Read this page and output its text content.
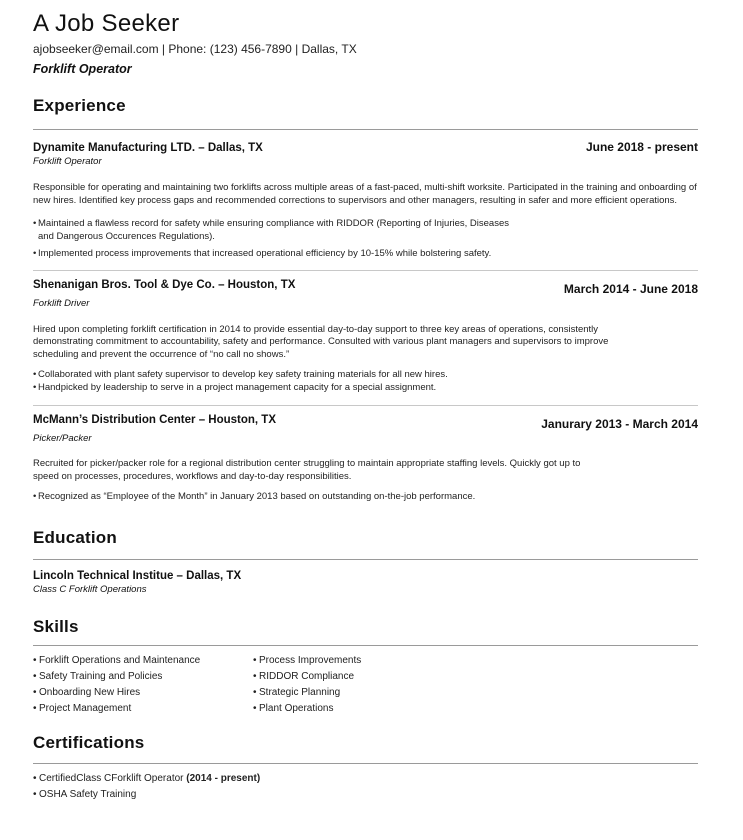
A Job Seeker
ajobseeker@email.com | Phone: (123) 456-7890 | Dallas, TX
Forklift Operator
Experience
Dynamite Manufacturing LTD. – Dallas, TX	June 2018 - present
Forklift Operator

Responsible for operating and maintaining two forklifts across multiple areas of a fast-paced, multi-shift worksite. Participated in the training and onboarding of new hires. Identified key process gaps and recommended corrections to supervisors and other managers, resulting in safer and more efficient operations.

• Maintained a flawless record for safety while ensuring compliance with RIDDOR (Reporting of Injuries, Diseases
and Dangerous Occurences Regulations).
• Implemented process improvements that increased operational efficiency by 10-15% while bolstering safety.
Shenanigan Bros. Tool & Dye Co. – Houston, TX	March 2014 - June 2018
Forklift Driver

Hired upon completing forklift certification in 2014 to provide essential day-to-day support to three key areas of operations, consistently demonstrating commitment to accountability, safety and performance. Consulted with various plant managers and supervisors to improve scheduling and prevent the occurrence of “no call no shows.”

• Collaborated with plant safety supervisor to develop key safety training materials for all new hires.
• Handpicked by leadership to serve in a project management capacity for a special assignment.
McMann’s Distribution Center – Houston, TX	Janurary 2013 - March 2014
Picker/Packer

Recruited for picker/packer role for a regional distribution center struggling to maintain appropriate staffing levels. Quickly got up to speed on processes, procedures, workflows and day-to-day responsibilities.

• Recognized as “Employee of the Month” in January 2013 based on outstanding on-the-job performance.
Education
Lincoln Technical Institue – Dallas, TX
Class C Forklift Operations
Skills
• Forklift Operations and Maintenance	• Process Improvements
• Safety Training and Policies	• RIDDOR Compliance
• Onboarding New Hires	• Strategic Planning
• Project Management	• Plant Operations
Certifications
• CertifiedClass CForklift Operator (2014 - present)
• OSHA Safety Training
